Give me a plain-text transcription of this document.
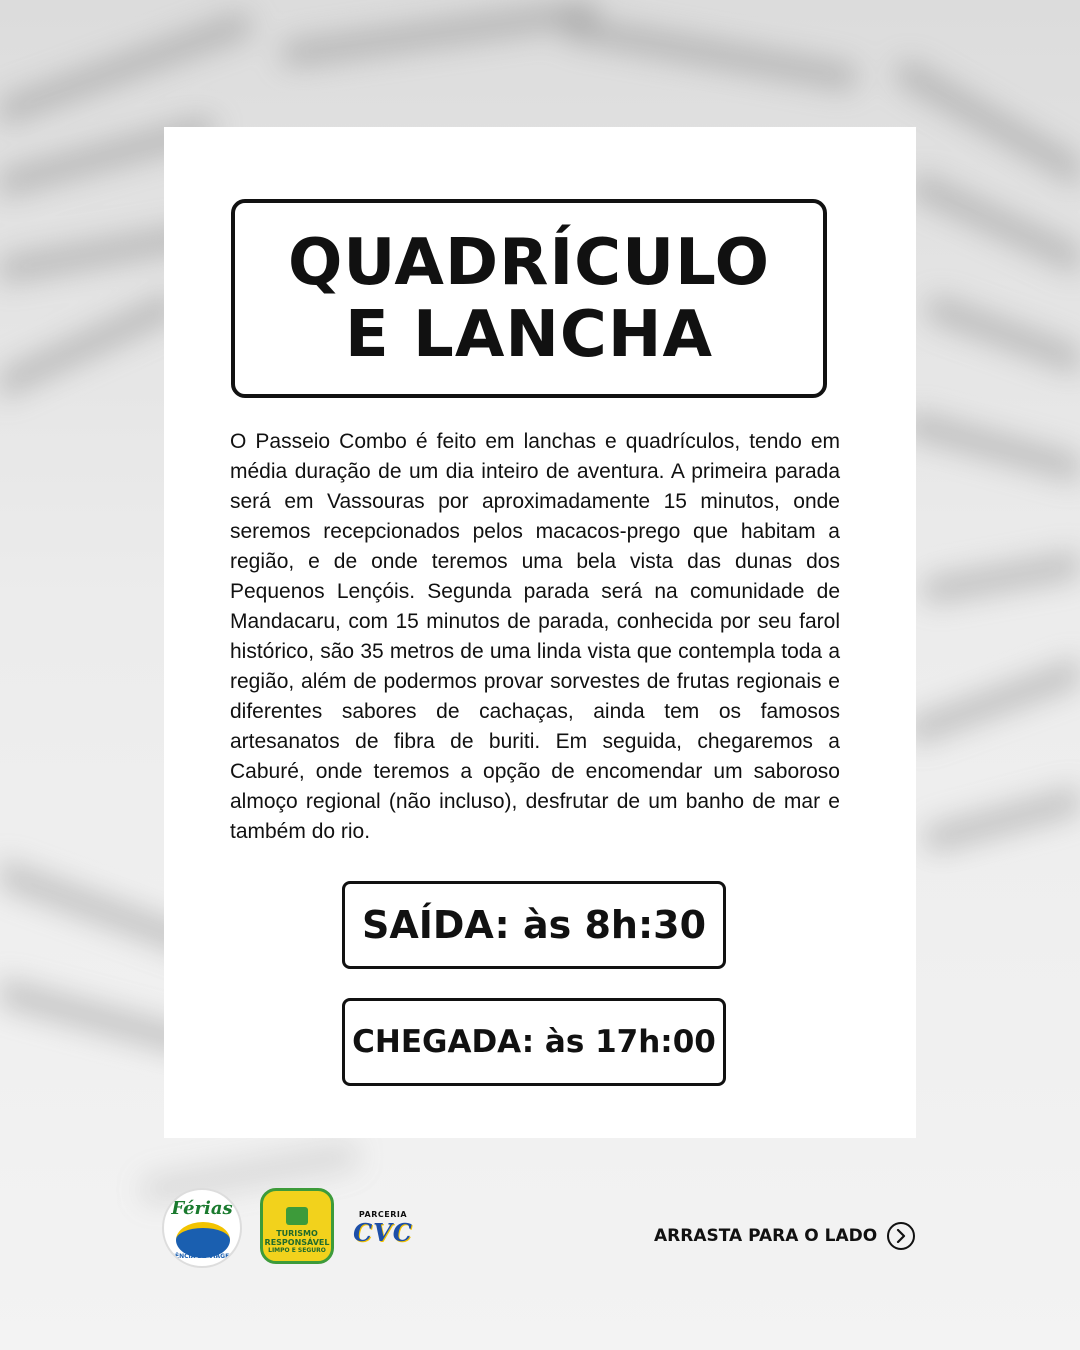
QUADRÍCULO
E LANCHA

O Passeio Combo é feito em lanchas e quadrículos, tendo em média duração de um dia inteiro de aventura. A primeira parada será em Vassouras por aproximadamente 15 minutos, onde seremos recepcionados pelos macacos-prego que habitam a região, e de onde teremos uma bela vista das dunas dos Pequenos Lençóis. Segunda parada será na comunidade de Mandacaru, com 15 minutos de parada, conhecida por seu farol histórico, são 35 metros de uma linda vista que contempla toda a região, além de podermos provar sorvestes de frutas regionais e diferentes sabores de cachaças, ainda tem os famosos artesanatos de fibra de buriti. Em seguida, chegaremos a Caburé, onde teremos a opção de encomendar um saboroso almoço regional (não incluso), desfrutar de um banho de mar e também do rio.

SAÍDA: às 8h:30
CHEGADA: às 17h:00
Férias
AGÊNCIA DE VIAGENS
TURISMO RESPONSÁVEL
LIMPO E SEGURO
PARCERIA
CVC	ARRASTA PARA O LADO
